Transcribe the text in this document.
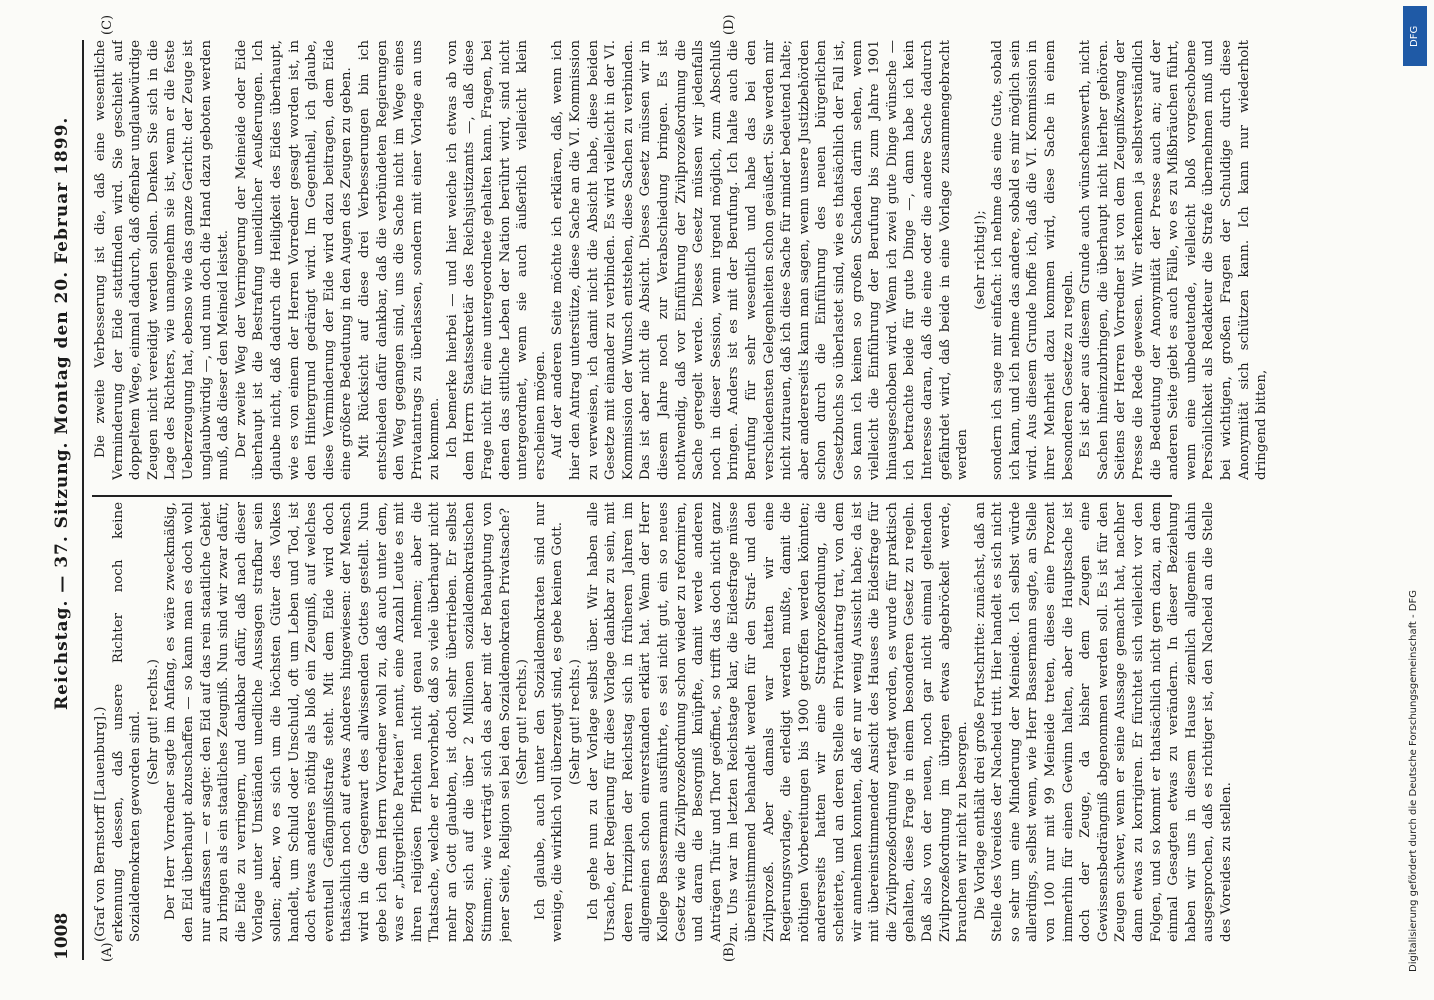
1008
Reichstag. — 37. Sitzung. Montag den 20. Februar 1899.
(A)	(B)
(C)	(D)

(Graf von Bernstorff [Lauenburg].) erkennung dessen, daß unsere Richter noch keine Sozialdemokraten geworden sind. (Sehr gut! rechts.) Der Herr Vorredner sagte im Anfang, es wäre zweckmäßig, den Eid überhaupt abzuschaffen — so kann man es doch wohl nur auffassen — er sagte: den Eid auf das rein staatliche Gebiet zu bringen als ein staatliches Zeugniß. Nun sind wir zwar dafür, die Eide zu verringern, und dankbar dafür, daß nach dieser Vorlage unter Umständen unedliche Aussagen strafbar sein sollen; aber, wo es sich um die höchsten Güter des Volkes handelt, um Schuld oder Unschuld, oft um Leben und Tod, ist doch etwas anderes nöthig als bloß ein Zeugniß, auf welches eventuell Gefängnißstrafe steht. Mit dem Eide wird doch thatsächlich noch auf etwas Anderes hingewiesen: der Mensch wird in die Gegenwart des allwissenden Gottes gestellt. Nun gebe ich dem Herrn Vorredner wohl zu, daß auch unter dem, was er „bürgerliche Parteien“ nennt, eine Anzahl Leute es mit ihren religiösen Pflichten nicht genau nehmen; aber die Thatsache, welche er hervorhebt, daß so viele überhaupt nicht mehr an Gott glaubten, ist doch sehr übertrieben. Er selbst bezog sich auf die über 2 Millionen sozialdemokratischen Stimmen; wie verträgt sich das aber mit der Behauptung von jener Seite, Religion sei bei den Sozialdemokraten Privatsache? (Sehr gut! rechts.) Ich glaube, auch unter den Sozialdemokraten sind nur wenige, die wirklich voll überzeugt sind, es gebe keinen Gott. (Sehr gut! rechts.) Ich gehe nun zu der Vorlage selbst über. Wir haben alle Ursache, der Regierung für diese Vorlage dankbar zu sein, mit deren Prinzipien der Reichstag sich in früheren Jahren im allgemeinen schon einverstanden erklärt hat. Wenn der Herr Kollege Bassermann ausführte, es sei nicht gut, ein so neues Gesetz wie die Zivilprozeßordnung schon wieder zu reformiren, und daran die Besorgniß knüpfte, damit werde anderen Anträgen Thür und Thor geöffnet, so trifft das doch nicht ganz zu. Uns war im letzten Reichstage klar, die Eidesfrage müsse übereinstimmend behandelt werden für den Straf- und den Zivilprozeß. Aber damals war hatten wir eine Regierungsvorlage, die erledigt werden mußte, damit die nöthigen Vorbereitungen bis 1900 getroffen werden könnten; andererseits hatten wir eine Strafprozeßordnung, die scheiterte, und an deren Stelle ein Privatantrag trat, von dem wir annehmen konnten, daß er nur wenig Aussicht habe; da ist mit übereinstimmender Ansicht des Hauses die Eidesfrage für die Zivilprozeßordnung vertagt worden, es wurde für praktisch gehalten, diese Frage in einem besonderen Gesetz zu regeln. Daß also von der neuen, noch gar nicht einmal geltenden Zivilprozeßordnung im übrigen etwas abgebröckelt werde, brauchen wir nicht zu besorgen. Die Vorlage enthält drei große Fortschritte: zunächst, daß an Stelle des Voreides der Nacheid tritt. Hier handelt es sich nicht so sehr um eine Minderung der Meineide. Ich selbst würde allerdings, selbst wenn, wie Herr Bassermann sagte, an Stelle von 100 nur mit 99 Meineide treten, dieses eine Prozent immerhin für einen Gewinn halten, aber die Hauptsache ist doch der Zeuge, da bisher dem Zeugen eine Gewissensbedrängniß abgenommen werden soll. Es ist für den Zeugen schwer, wenn er seine Aussage gemacht hat, nachher dann etwas zu korrigiren. Er fürchtet sich vielleicht vor den Folgen, und so kommt er thatsächlich nicht gern dazu, an dem einmal Gesagten etwas zu verändern. In dieser Beziehung haben wir uns in diesem Hause ziemlich allgemein dahin ausgesprochen, daß es richtiger ist, den Nacheid an die Stelle des Voreides zu stellen.

Die zweite Verbesserung ist die, daß eine wesentliche Verminderung der Eide stattfinden wird. Sie geschieht auf doppeltem Wege, einmal dadurch, daß offenbar unglaubwürdige Zeugen nicht vereidigt werden sollen. Denken Sie sich in die Lage des Richters, wie unangenehm sie ist, wenn er die feste Ueberzeugung hat, ebenso wie das ganze Gericht: der Zeuge ist unglaubwürdig —, und nun doch die Hand dazu geboten werden muß, daß dieser den Meineid leistet. Der zweite Weg der Verringerung der Meineide oder Eide überhaupt ist die Bestrafung uneidlicher Aeußerungen. Ich glaube nicht, daß dadurch die Heiligkeit des Eides überhaupt, wie es von einem der Herren Vorredner gesagt worden ist, in den Hintergrund gedrängt wird. Im Gegentheil, ich glaube, diese Verminderung der Eide wird dazu beitragen, dem Eide eine größere Bedeutung in den Augen des Zeugen zu geben. Mit Rücksicht auf diese drei Verbesserungen bin ich entschieden dafür dankbar, daß die verbündeten Regierungen den Weg gegangen sind, uns die Sache nicht im Wege eines Privatantrags zu überlassen, sondern mit einer Vorlage an uns zu kommen. Ich bemerke hierbei — und hier weiche ich etwas ab von dem Herrn Staatssekretär des Reichsjustizamts —, daß diese Frage nicht für eine untergeordnete gehalten kann. Fragen, bei denen das sittliche Leben der Nation berührt wird, sind nicht untergeordnet, wenn sie auch äußerlich vielleicht klein erscheinen mögen. Auf der anderen Seite möchte ich erklären, daß, wenn ich hier den Antrag unterstütze, diese Sache an die VI. Kommission zu verweisen, ich damit nicht die Absicht habe, diese beiden Gesetze mit einander zu verbinden. Es wird vielleicht in der VI. Kommission der Wunsch entstehen, diese Sachen zu verbinden. Das ist aber nicht die Absicht. Dieses Gesetz müssen wir in diesem Jahre noch zur Verabschiedung bringen. Es ist nothwendig, daß vor Einführung der Zivilprozeßordnung die Sache geregelt werde. Dieses Gesetz müssen wir jedenfalls noch in dieser Session, wenn irgend möglich, zum Abschluß bringen. Anders ist es mit der Berufung. Ich halte auch die Berufung für sehr wesentlich und habe das bei den verschiedensten Gelegenheiten schon geäußert. Sie werden mir nicht zutrauen, daß ich diese Sache für minder bedeutend halte; aber andererseits kann man sagen, wenn unsere Justizbehörden schon durch die Einführung des neuen bürgerlichen Gesetzbuchs so überlastet sind, wie es thatsächlich der Fall ist, so kann ich keinen so großen Schaden darin sehen, wenn vielleicht die Einführung der Berufung bis zum Jahre 1901 hinausgeschoben wird. Wenn ich zwei gute Dinge wünsche — ich betrachte beide für gute Dinge —, dann habe ich kein Interesse daran, daß die eine oder die andere Sache dadurch gefährdet wird, daß beide in eine Vorlage zusammengebracht werden

(sehr richtig!); sondern ich sage mir einfach: ich nehme das eine Gute, sobald ich kann, und ich nehme das andere, sobald es mir möglich sein wird. Aus diesem Grunde hoffe ich, daß die VI. Kommission in ihrer Mehrheit dazu kommen wird, diese Sache in einem besonderen Gesetze zu regeln. Es ist aber aus diesem Grunde auch wünschenswerth, nicht Sachen hineinzubringen, die überhaupt nicht hierher gehören. Seitens der Herren Vorredner ist von dem Zeugnißzwang der Presse die Rede gewesen. Wir erkennen ja selbstverständlich die Bedeutung der Anonymität der Presse auch an; auf der anderen Seite giebt es auch Fälle, wo es zu Mißbräuchen führt, wenn eine unbedeutende, vielleicht bloß vorgeschobene Persönlichkeit als Redakteur die Strafe übernehmen muß und bei wichtigen, großen Fragen der Schuldige durch diese Anonymität sich schützen kann. Ich kann nur wiederholt dringend bitten,

DFG
Digitalisierung gefördert durch die Deutsche Forschungsgemeinschaft - DFG
